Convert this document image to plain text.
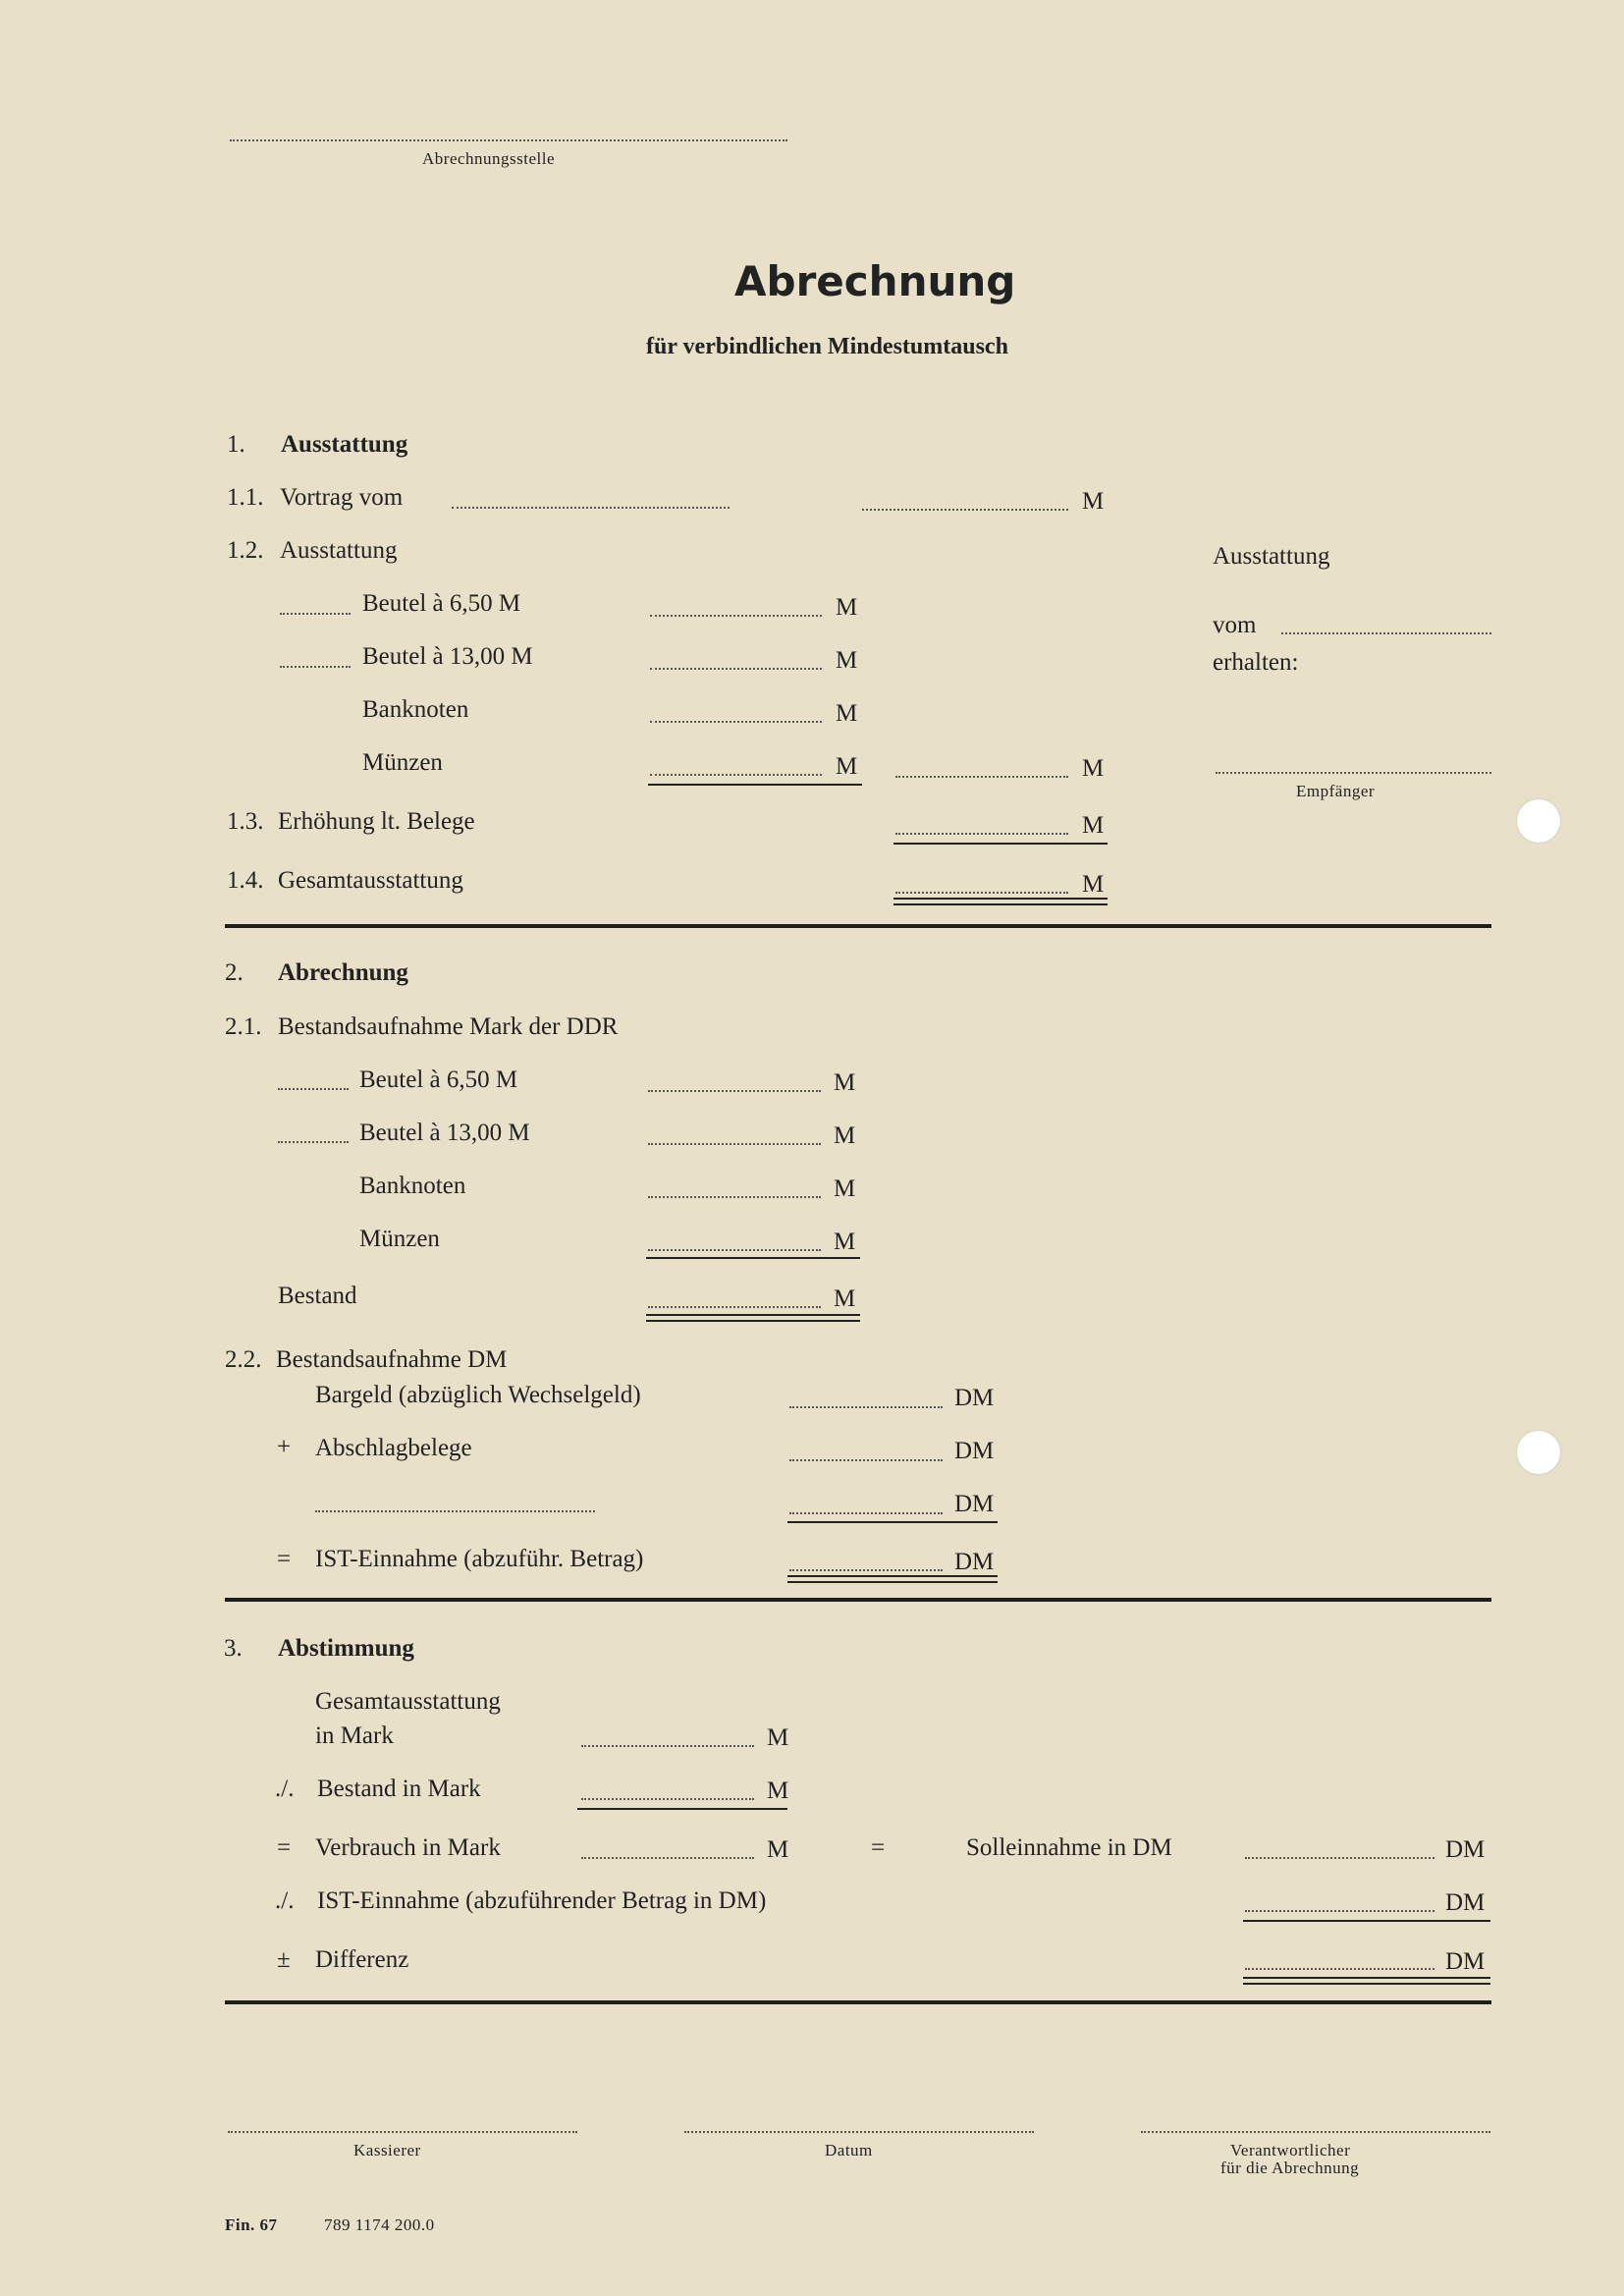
Abrechnungsstelle
Abrechnung
für verbindlichen Mindestumtausch
1. Ausstattung
1.1. Vortrag vom	M
1.2. Ausstattung
Beutel à 6,50 M	M
Beutel à 13,00 M	M
Banknoten	M
Münzen	M	M
1.3. Erhöhung lt. Belege	M
1.4. Gesamtausstattung	M
Ausstattung
vom
erhalten:
Empfänger
2. Abrechnung
2.1. Bestandsaufnahme Mark der DDR
Beutel à 6,50 M	M
Beutel à 13,00 M	M
Banknoten	M
Münzen	M
Bestand	M
2.2. Bestandsaufnahme DM
Bargeld (abzüglich Wechselgeld)	DM
+ Abschlagbelege	DM
DM
= IST-Einnahme (abzuführ. Betrag)	DM
3. Abstimmung
Gesamtausstattung
in Mark	M
./. Bestand in Mark	M
= Verbrauch in Mark	M	=	Solleinnahme in DM	DM
./. IST-Einnahme (abzuführender Betrag in DM)	DM
± Differenz	DM
Kassierer	Datum	Verantwortlicher
für die Abrechnung
Fin. 67	789 1174 200.0
